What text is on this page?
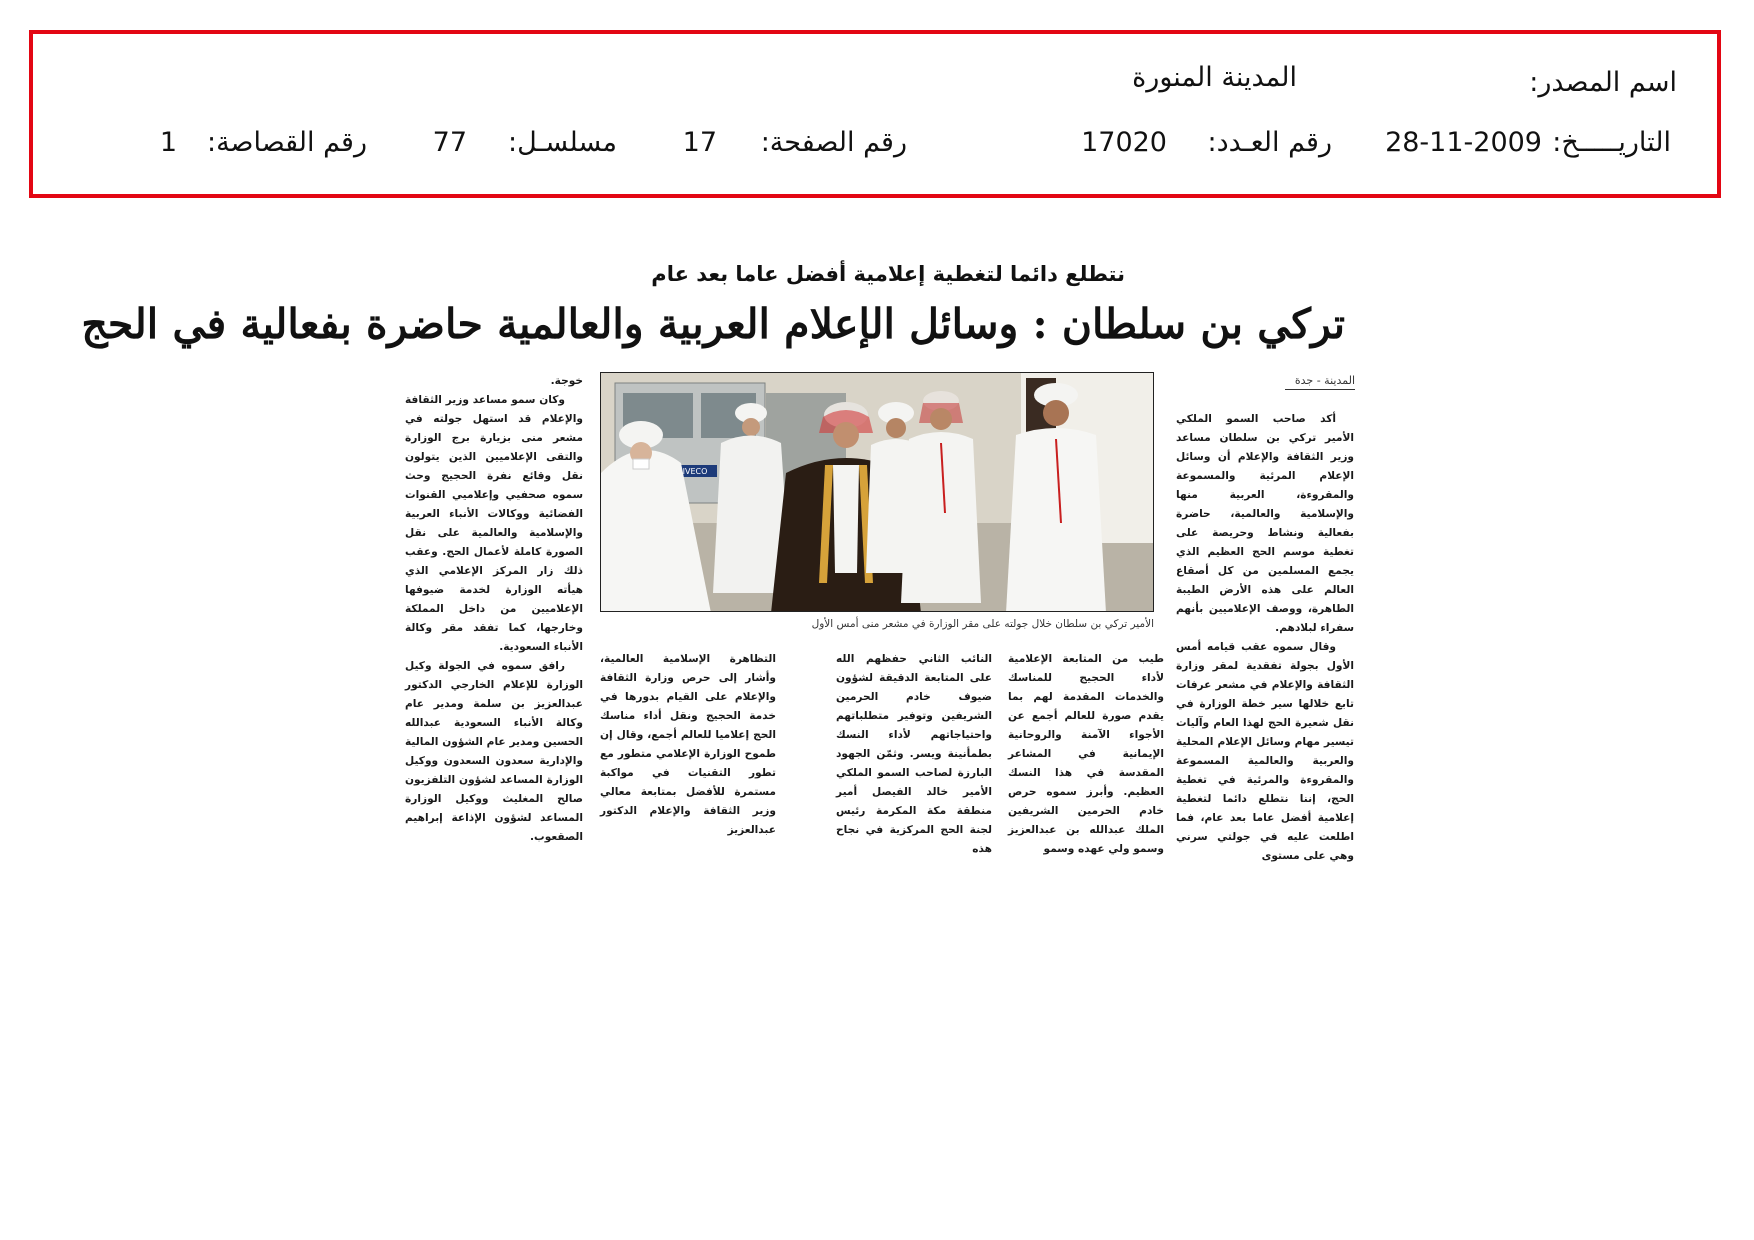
اسم المصدر:
المدينة المنورة
التاريـــــخ:
28-11-2009
رقم العـدد:
17020
رقم الصفحة:
17
مسلسـل:
77
رقم القصاصة:
1
نتطلع دائما لتغطية إعلامية أفضل عاما بعد عام
تركي بن سلطان : وسائل الإعلام العربية والعالمية حاضرة بفعالية في الحج
المدينة - جدة

أكد صاحب السمو الملكي الأمير تركي بن سلطان مساعد وزير الثقافة والإعلام أن وسائل الإعلام المرئية والمسموعة والمقروءة، العربية منها والإسلامية والعالمية، حاضرة بفعالية ونشاط وحريصة على تغطية موسم الحج العظيم الذي يجمع المسلمين من كل أصقاع العالم على هذه الأرض الطيبة الطاهرة، ووصف الإعلاميين بأنهم سفراء لبلادهم.

وقال سموه عقب قيامه أمس الأول بجولة تفقدية لمقر وزارة الثقافة والإعلام في مشعر عرفات تابع خلالها سير خطة الوزارة في نقل شعيرة الحج لهذا العام وآليات تيسير مهام وسائل الإعلام المحلية والعربية والعالمية المسموعة والمقروءة والمرئية في تغطية الحج، إننا نتطلع دائما لتغطية إعلامية أفضل عاما بعد عام، فما اطلعت عليه في جولتي سرني وهي على مستوى

IVECO
الأمير تركي بن سلطان خلال جولته على مقر الوزارة في مشعر منى أمس الأول

طيب من المتابعة الإعلامية لأداء الحجيج للمناسك والخدمات المقدمة لهم بما يقدم صورة للعالم أجمع عن الأجواء الآمنة والروحانية الإيمانية في المشاعر المقدسة في هذا النسك العظيم. وأبرز سموه حرص خادم الحرمين الشريفين الملك عبدالله بن عبدالعزيز وسمو ولي عهده وسمو

النائب الثاني حفظهم الله على المتابعة الدقيقة لشؤون ضيوف خادم الحرمين الشريفين وتوفير متطلباتهم واحتياجاتهم لأداء النسك بطمأنينة ويسر. وثمّن الجهود البارزة لصاحب السمو الملكي الأمير خالد الفيصل أمير منطقة مكة المكرمة رئيس لجنة الحج المركزية في نجاح هذه

التظاهرة الإسلامية العالمية، وأشار إلى حرص وزارة الثقافة والإعلام على القيام بدورها في خدمة الحجيج ونقل أداء مناسك الحج إعلاميا للعالم أجمع، وقال إن طموح الوزارة الإعلامي متطور مع تطور التقنيات في مواكبة مستمرة للأفضل بمتابعة معالي وزير الثقافة والإعلام الدكتور عبدالعزيز

خوجة.

وكان سمو مساعد وزير الثقافة والإعلام قد استهل جولته في مشعر منى بزيارة برج الوزارة والتقى الإعلاميين الذين يتولون نقل وقائع نفرة الحجيج وحث سموه صحفيي وإعلاميي القنوات الفضائية ووكالات الأنباء العربية والإسلامية والعالمية على نقل الصورة كاملة لأعمال الحج. وعقب ذلك زار المركز الإعلامي الذي هيأته الوزارة لخدمة ضيوفها الإعلاميين من داخل المملكة وخارجها، كما تفقد مقر وكالة الأنباء السعودية.

رافق سموه في الجولة وكيل الوزارة للإعلام الخارجي الدكتور عبدالعزيز بن سلمة ومدير عام وكالة الأنباء السعودية عبدالله الحسين ومدير عام الشؤون المالية والإدارية سعدون السعدون ووكيل الوزارة المساعد لشؤون التلفزيون صالح المغليث ووكيل الوزارة المساعد لشؤون الإذاعة إبراهيم الصقعوب.
